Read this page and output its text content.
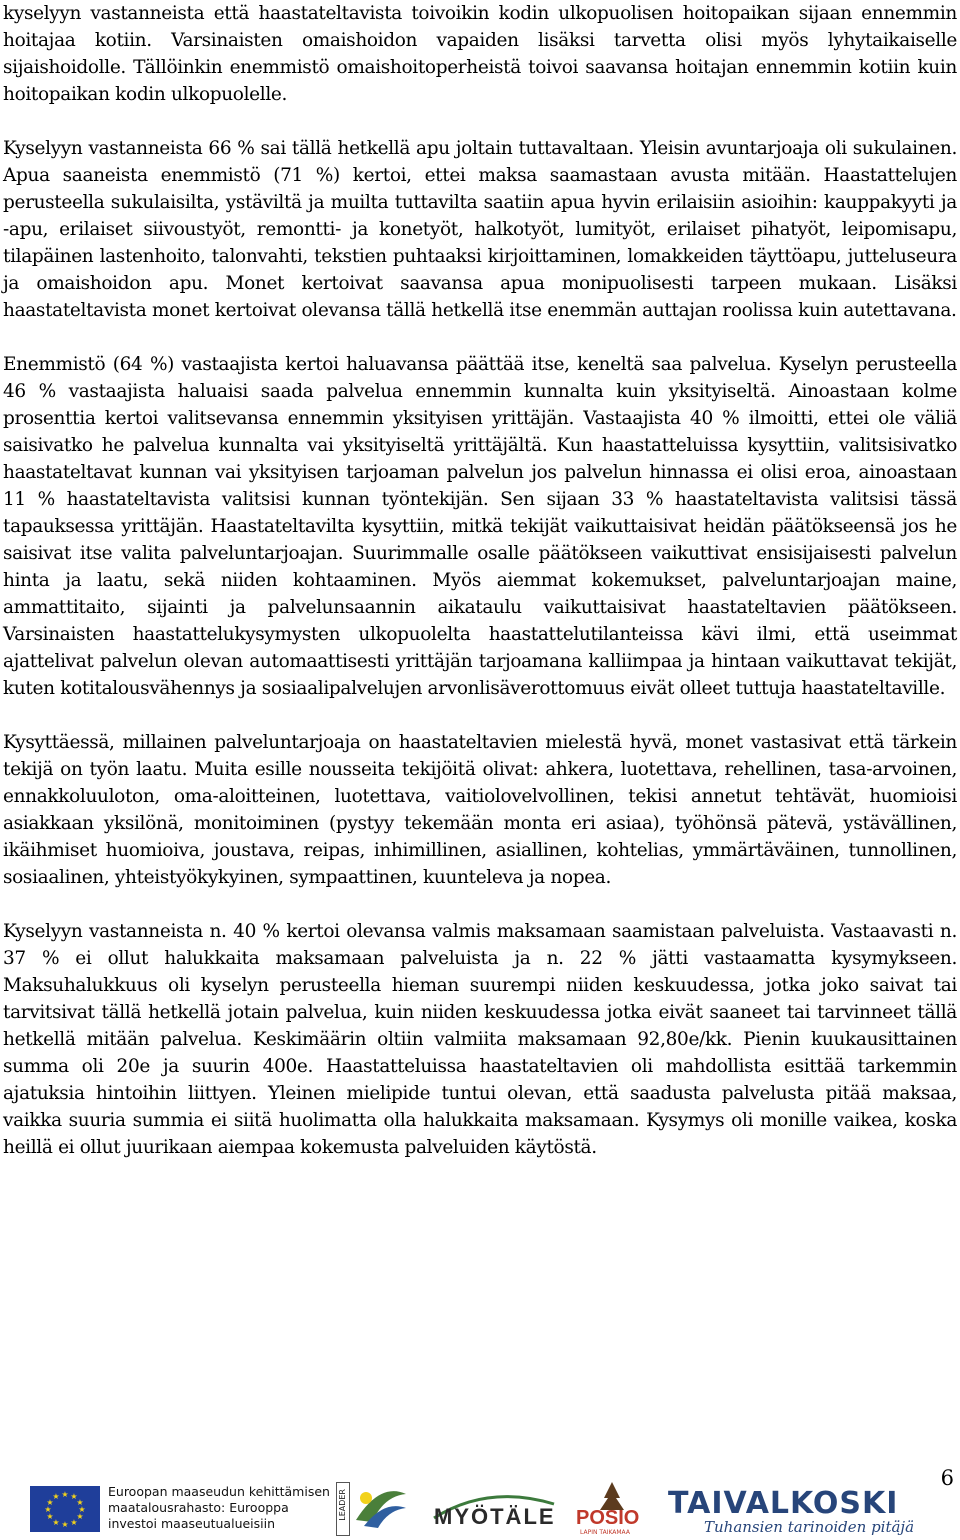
kyselyyn vastanneista että haastateltavista toivoikin kodin ulkopuolisen hoitopaikan sijaan ennemmin hoitajaa kotiin. Varsinaisten omaishoidon vapaiden lisäksi tarvetta olisi myös lyhytaikaiselle sijaishoidolle. Tällöinkin enemmistö omaishoitoperheistä toivoi saavansa hoitajan ennemmin kotiin kuin hoitopaikan kodin ulkopuolelle.

Kyselyyn vastanneista 66 % sai tällä hetkellä apu joltain tuttavaltaan. Yleisin avuntarjoaja oli sukulainen. Apua saaneista enemmistö (71 %) kertoi, ettei maksa saamastaan avusta mitään. Haastattelujen perusteella sukulaisilta, ystäviltä ja muilta tuttavilta saatiin apua hyvin erilaisiin asioihin: kauppakyyti ja -apu, erilaiset siivoustyöt, remontti- ja konetyöt, halkotyöt, lumityöt, erilaiset pihatyöt, leipomisapu, tilapäinen lastenhoito, talonvahti, tekstien puhtaaksi kirjoittaminen, lomakkeiden täyttöapu, jutteluseura ja omaishoidon apu. Monet kertoivat saavansa apua monipuolisesti tarpeen mukaan. Lisäksi haastateltavista monet kertoivat olevansa tällä hetkellä itse enemmän auttajan roolissa kuin autettavana.

Enemmistö (64 %) vastaajista kertoi haluavansa päättää itse, keneltä saa palvelua. Kyselyn perusteella 46 % vastaajista haluaisi saada palvelua ennemmin kunnalta kuin yksityiseltä. Ainoastaan kolme prosenttia kertoi valitsevansa ennemmin yksityisen yrittäjän. Vastaajista 40 % ilmoitti, ettei ole väliä saisivatko he palvelua kunnalta vai yksityiseltä yrittäjältä. Kun haastatteluissa kysyttiin, valitsisivatko haastateltavat kunnan vai yksityisen tarjoaman palvelun jos palvelun hinnassa ei olisi eroa, ainoastaan 11 % haastateltavista valitsisi kunnan työntekijän. Sen sijaan 33 % haastateltavista valitsisi tässä tapauksessa yrittäjän. Haastateltavilta kysyttiin, mitkä tekijät vaikuttaisivat heidän päätökseensä jos he saisivat itse valita palveluntarjoajan. Suurimmalle osalle päätökseen vaikuttivat ensisijaisesti palvelun hinta ja laatu, sekä niiden kohtaaminen. Myös aiemmat kokemukset, palveluntarjoajan maine, ammattitaito, sijainti ja palvelunsaannin aikataulu vaikuttaisivat haastateltavien päätökseen. Varsinaisten haastattelukysymysten ulkopuolelta haastattelutilanteissa kävi ilmi, että useimmat ajattelivat palvelun olevan automaattisesti yrittäjän tarjoamana kalliimpaa ja hintaan vaikuttavat tekijät, kuten kotitalousvähennys ja sosiaalipalvelujen arvonlisäverottomuus eivät olleet tuttuja haastateltaville.

Kysyttäessä, millainen palveluntarjoaja on haastateltavien mielestä hyvä, monet vastasivat että tärkein tekijä on työn laatu. Muita esille nousseita tekijöitä olivat: ahkera, luotettava, rehellinen, tasa-arvoinen, ennakkoluuloton, oma-aloitteinen, luotettava, vaitiolovelvollinen, tekisi annetut tehtävät, huomioisi asiakkaan yksilönä, monitoiminen (pystyy tekemään monta eri asiaa), työhönsä pätevä, ystävällinen, ikäihmiset huomioiva, joustava, reipas, inhimillinen, asiallinen, kohtelias, ymmärtäväinen, tunnollinen, sosiaalinen, yhteistyökykyinen, sympaattinen, kuunteleva ja nopea.

Kyselyyn vastanneista n. 40 % kertoi olevansa valmis maksamaan saamistaan palveluista. Vastaavasti n. 37 % ei ollut halukkaita maksamaan palveluista ja n. 22 % jätti vastaamatta kysymykseen. Maksuhalukkuus oli kyselyn perusteella hieman suurempi niiden keskuudessa, jotka joko saivat tai tarvitsivat tällä hetkellä jotain palvelua, kuin niiden keskuudessa jotka eivät saaneet tai tarvinneet tällä hetkellä mitään palvelua. Keskimäärin oltiin valmiita maksamaan 92,80e/kk. Pienin kuukausittainen summa oli 20e ja suurin 400e. Haastatteluissa haastateltavien oli mahdollista esittää tarkemmin ajatuksia hintoihin liittyen. Yleinen mielipide tuntui olevan, että saadusta palvelusta pitää maksaa, vaikka suuria summia ei siitä huolimatta olla halukkaita maksamaan. Kysymys oli monille vaikea, koska heillä ei ollut juurikaan aiempaa kokemusta palveluiden käytöstä.

6
★ ★
★
★
★
★
★
★
★
★
★
★	Euroopan maaseudun kehittämisen maatalousrahasto: Eurooppa investoi maaseutualueisiin
LEADER	MYÖTÄLE POSIO
LAPIN TAIKAMAA
TAIVALKOSKI
Tuhansien tarinoiden pitäjä
